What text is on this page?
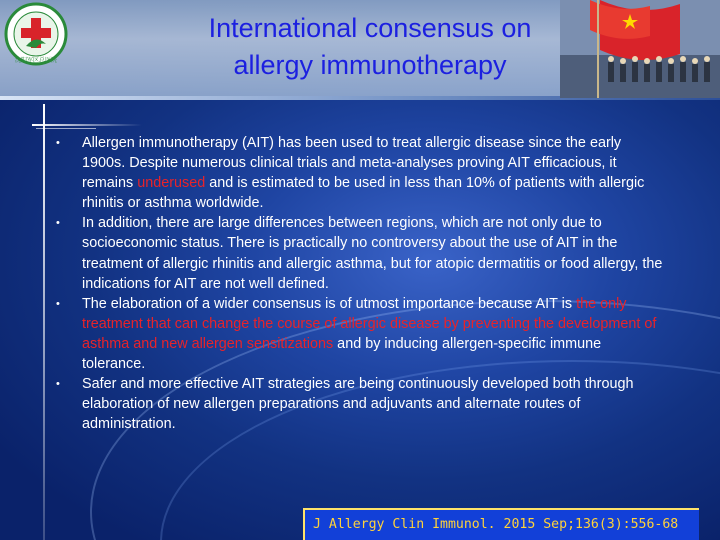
沈阳军区总医院
International consensus on
allergy immunotherapy
• Allergen immunotherapy (AIT) has been used to treat allergic disease since the early 1900s. Despite numerous clinical trials and meta-analyses proving AIT efficacious, it remains underused and is estimated to be used in less than 10% of patients with allergic rhinitis or asthma worldwide.
• In addition, there are large differences between regions, which are not only due to socioeconomic status. There is practically no controversy about the use of AIT in the treatment of allergic rhinitis and allergic asthma, but for atopic dermatitis or food allergy, the indications for AIT are not well defined.
• The elaboration of a wider consensus is of utmost importance because AIT is the only treatment that can change the course of allergic disease by preventing the development of asthma and new allergen sensitizations and by inducing allergen-specific immune tolerance.
• Safer and more effective AIT strategies are being continuously developed both through elaboration of new allergen preparations and adjuvants and alternate routes of administration.
J Allergy Clin Immunol. 2015 Sep;136(3):556-68
